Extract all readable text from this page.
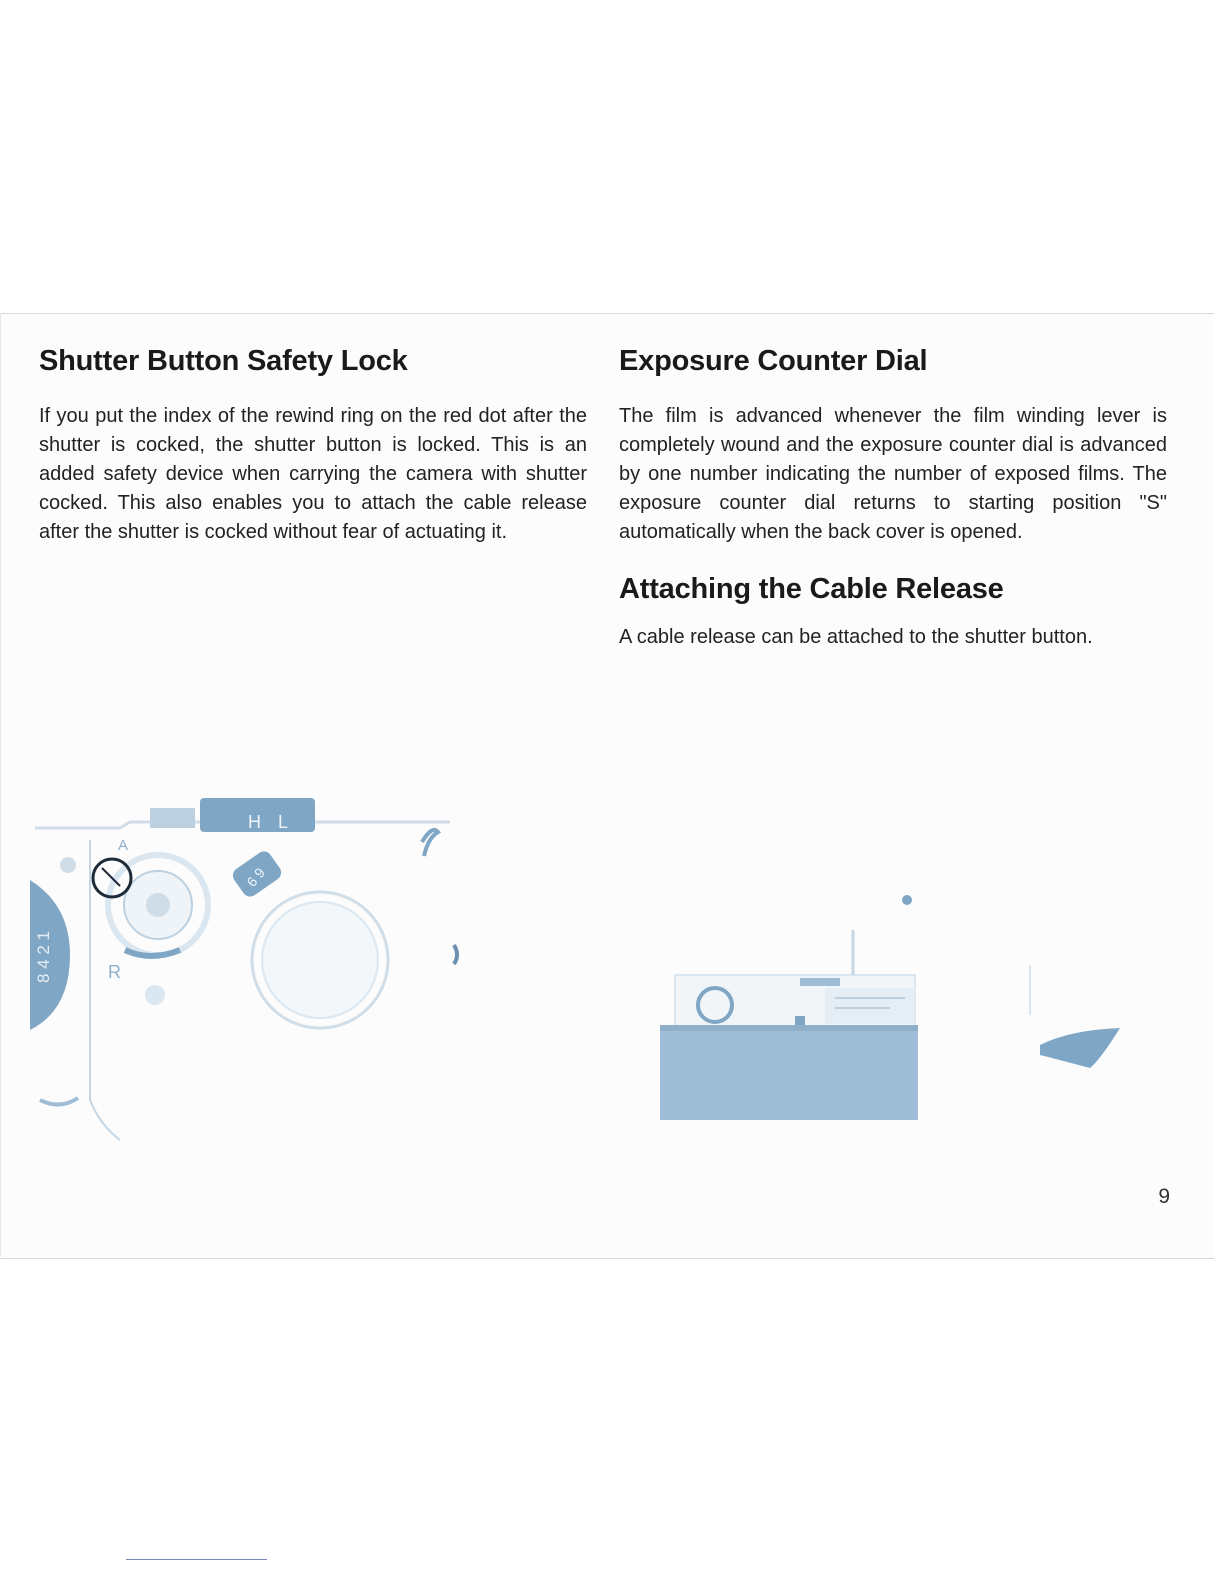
Shutter Button Safety Lock

If you put the index of the rewind ring on the red dot after the shutter is cocked, the shutter button is locked. This is an added safety device when carrying the camera with shutter cocked. This also enables you to attach the cable release after the shutter is cocked without fear of actuating it.

Exposure Counter Dial

The film is advanced whenever the film winding lever is completely wound and the exposure counter dial is advanced by one number indicating the number of exposed films. The exposure counter dial returns to starting position "S" automatically when the back cover is opened.

Attaching the Cable Release

A cable release can be attached to the shutter button.

H L
8 4 2 1
A
R
6 9
9
